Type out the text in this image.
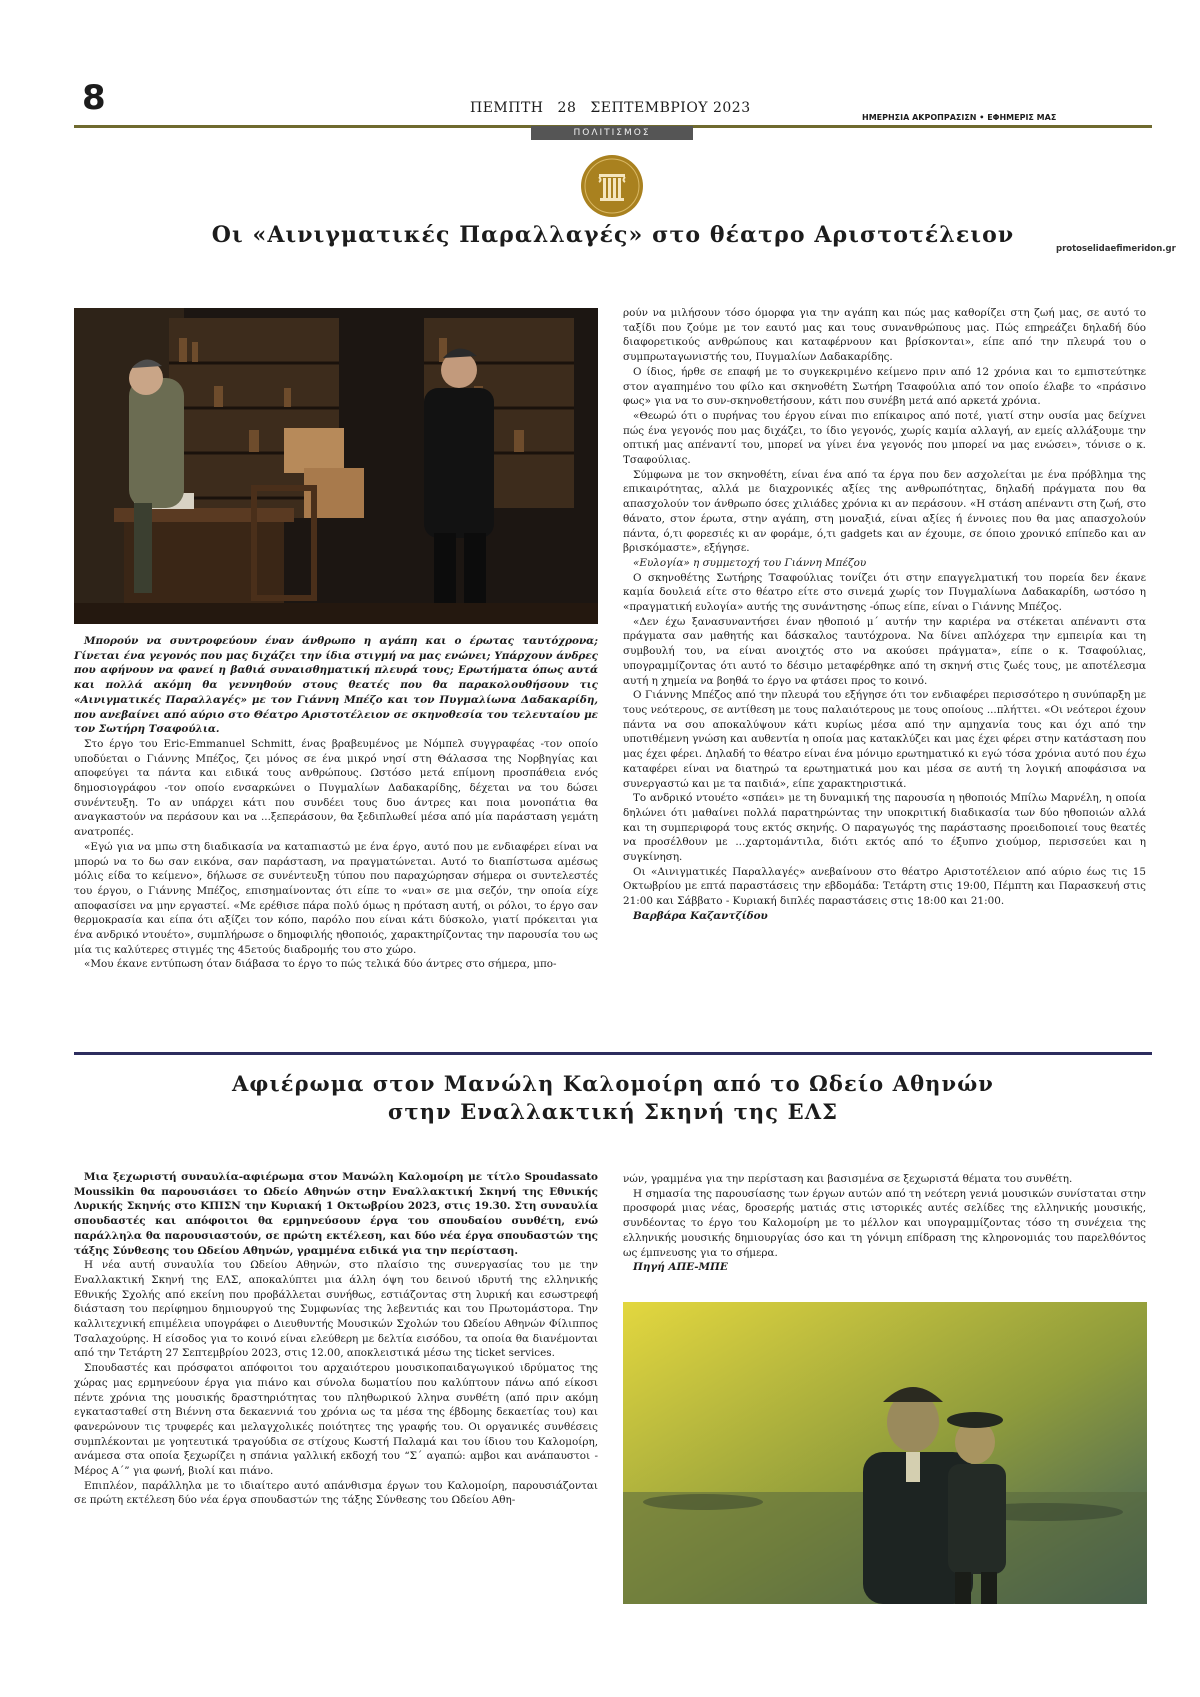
8	ΠΕΜΠΤΗ 28 ΣΕΠΤΕΜΒΡΙΟΥ 2023
ΗΜΕΡΗΣΙΑ ΑΚΡΟΠΡΑΣΙΣΝ • ΕΦΗΜΕΡΙΣ ΜΑΣ
ΠΟΛΙΤΙΣΜΟΣ
Οι «Αινιγματικές Παραλλαγές» στο θέατρο Αριστοτέλειον
protoselidaefimeridon.gr

Μπορούν να συντροφεύουν έναν άνθρωπο η αγάπη και ο έρωτας ταυτόχρονα; Γίνεται ένα γεγονός που μας διχάζει την ίδια στιγμή να μας ενώνει; Υπάρχουν άνδρες που αφήνουν να φανεί η βαθιά συναισθηματική πλευρά τους; Ερωτήματα όπως αυτά και πολλά ακόμη θα γεννηθούν στους θεατές που θα παρακολουθήσουν τις «Αινιγματικές Παραλλαγές» με τον Γιάννη Μπέζο και τον Πυγμαλίωνα Δαδακαρίδη, που ανεβαίνει από αύριο στο Θέατρο Αριστοτέλειον σε σκηνοθεσία του τελευταίου με τον Σωτήρη Τσαφούλια.

Στο έργο του Eric-Emmanuel Schmitt, ένας βραβευμένος με Νόμπελ συγγραφέας -τον οποίο υποδύεται ο Γιάννης Μπέζος, ζει μόνος σε ένα μικρό νησί στη Θάλασσα της Νορβηγίας και αποφεύγει τα πάντα και ειδικά τους ανθρώπους. Ωστόσο μετά επίμονη προσπάθεια ενός δημοσιογράφου -τον οποίο ενσαρκώνει ο Πυγμαλίων Δαδακαρίδης, δέχεται να του δώσει συνέντευξη. Το αν υπάρχει κάτι που συνδέει τους δυο άντρες και ποια μονοπάτια θα αναγκαστούν να περάσουν και να ...ξεπεράσουν, θα ξεδιπλωθεί μέσα από μία παράσταση γεμάτη ανατροπές.

«Εγώ για να μπω στη διαδικασία να καταπιαστώ με ένα έργο, αυτό που με ενδιαφέρει είναι να μπορώ να το δω σαν εικόνα, σαν παράσταση, να πραγματώνεται. Αυτό το διαπίστωσα αμέσως μόλις είδα το κείμενο», δήλωσε σε συνέντευξη τύπου που παραχώρησαν σήμερα οι συντελεστές του έργου, ο Γιάννης Μπέζος, επισημαίνοντας ότι είπε το «ναι» σε μια σεζόν, την οποία είχε αποφασίσει να μην εργαστεί. «Με ερέθισε πάρα πολύ όμως η πρόταση αυτή, οι ρόλοι, το έργο σαν θερμοκρασία και είπα ότι αξίζει τον κόπο, παρόλο που είναι κάτι δύσκολο, γιατί πρόκειται για ένα ανδρικό ντουέτο», συμπλήρωσε ο δημοφιλής ηθοποιός, χαρακτηρίζοντας την παρουσία του ως μία τις καλύτερες στιγμές της 45ετούς διαδρομής του στο χώρο.

«Μου έκανε εντύπωση όταν διάβασα το έργο το πώς τελικά δύο άντρες στο σήμερα, μπο-

ρούν να μιλήσουν τόσο όμορφα για την αγάπη και πώς μας καθορίζει στη ζωή μας, σε αυτό το ταξίδι που ζούμε με τον εαυτό μας και τους συνανθρώπους μας. Πώς επηρεάζει δηλαδή δύο διαφορετικούς ανθρώπους και καταφέρνουν και βρίσκονται», είπε από την πλευρά του ο συμπρωταγωνιστής του, Πυγμαλίων Δαδακαρίδης.

Ο ίδιος, ήρθε σε επαφή με το συγκεκριμένο κείμενο πριν από 12 χρόνια και το εμπιστεύτηκε στον αγαπημένο του φίλο και σκηνοθέτη Σωτήρη Τσαφούλια από τον οποίο έλαβε το «πράσινο φως» για να το συν-σκηνοθετήσουν, κάτι που συνέβη μετά από αρκετά χρόνια.

«Θεωρώ ότι ο πυρήνας του έργου είναι πιο επίκαιρος από ποτέ, γιατί στην ουσία μας δείχνει πώς ένα γεγονός που μας διχάζει, το ίδιο γεγονός, χωρίς καμία αλλαγή, αν εμείς αλλάξουμε την οπτική μας απέναντί του, μπορεί να γίνει ένα γεγονός που μπορεί να μας ενώσει», τόνισε ο κ. Τσαφούλιας.

Σύμφωνα με τον σκηνοθέτη, είναι ένα από τα έργα που δεν ασχολείται με ένα πρόβλημα της επικαιρότητας, αλλά με διαχρονικές αξίες της ανθρωπότητας, δηλαδή πράγματα που θα απασχολούν τον άνθρωπο όσες χιλιάδες χρόνια κι αν περάσουν. «Η στάση απέναντι στη ζωή, στο θάνατο, στον έρωτα, στην αγάπη, στη μοναξιά, είναι αξίες ή έννοιες που θα μας απασχολούν πάντα, ό,τι φορεσιές κι αν φοράμε, ό,τι gadgets και αν έχουμε, σε όποιο χρονικό επίπεδο και αν βρισκόμαστε», εξήγησε.

«Ευλογία» η συμμετοχή του Γιάννη Μπέζου

Ο σκηνοθέτης Σωτήρης Τσαφούλιας τονίζει ότι στην επαγγελματική του πορεία δεν έκανε καμία δουλειά είτε στο θέατρο είτε στο σινεμά χωρίς τον Πυγμαλίωνα Δαδακαρίδη, ωστόσο η «πραγματική ευλογία» αυτής της συνάντησης -όπως είπε, είναι ο Γιάννης Μπέζος.

«Δεν έχω ξανασυναντήσει έναν ηθοποιό μ΄ αυτήν την καριέρα να στέκεται απέναντι στα πράγματα σαν μαθητής και δάσκαλος ταυτόχρονα. Να δίνει απλόχερα την εμπειρία και τη συμβουλή του, να είναι ανοιχτός στο να ακούσει πράγματα», είπε ο κ. Τσαφούλιας, υπογραμμίζοντας ότι αυτό το δέσιμο μεταφέρθηκε από τη σκηνή στις ζωές τους, με αποτέλεσμα αυτή η χημεία να βοηθά το έργο να φτάσει προς το κοινό.

Ο Γιάννης Μπέζος από την πλευρά του εξήγησε ότι τον ενδιαφέρει περισσότερο η συνύπαρξη με τους νεότερους, σε αντίθεση με τους παλαιότερους με τους οποίους ...πλήττει. «Οι νεότεροι έχουν πάντα να σου αποκαλύψουν κάτι κυρίως μέσα από την αμηχανία τους και όχι από την υποτιθέμενη γνώση και αυθεντία η οποία μας κατακλύζει και μας έχει φέρει στην κατάσταση που μας έχει φέρει. Δηλαδή το θέατρο είναι ένα μόνιμο ερωτηματικό κι εγώ τόσα χρόνια αυτό που έχω καταφέρει είναι να διατηρώ τα ερωτηματικά μου και μέσα σε αυτή τη λογική αποφάσισα να συνεργαστώ και με τα παιδιά», είπε χαρακτηριστικά.

Το ανδρικό ντουέτο «σπάει» με τη δυναμική της παρουσία η ηθοποιός Μπίλω Μαρνέλη, η οποία δηλώνει ότι μαθαίνει πολλά παρατηρώντας την υποκριτική διαδικασία των δύο ηθοποιών αλλά και τη συμπεριφορά τους εκτός σκηνής. Ο παραγωγός της παράστασης προειδοποιεί τους θεατές να προσέλθουν με ...χαρτομάντιλα, διότι εκτός από το έξυπνο χιούμορ, περισσεύει και η συγκίνηση.

Οι «Αινιγματικές Παραλλαγές» ανεβαίνουν στο θέατρο Αριστοτέλειον από αύριο έως τις 15 Οκτωβρίου με επτά παραστάσεις την εβδομάδα: Τετάρτη στις 19:00, Πέμπτη και Παρασκευή στις 21:00 και Σάββατο - Κυριακή διπλές παραστάσεις στις 18:00 και 21:00.

Βαρβάρα Καζαντζίδου

Αφιέρωμα στον Μανώλη Καλομοίρη από το Ωδείο Αθηνών
στην Εναλλακτική Σκηνή της ΕΛΣ

Μια ξεχωριστή συναυλία-αφιέρωμα στον Μανώλη Καλομοίρη με τίτλο Spoudassato Moussikin θα παρουσιάσει το Ωδείο Αθηνών στην Εναλλακτική Σκηνή της Εθνικής Λυρικής Σκηνής στο ΚΠΙΣΝ την Κυριακή 1 Οκτωβρίου 2023, στις 19.30. Στη συναυλία σπουδαστές και απόφοιτοι θα ερμηνεύσουν έργα του σπουδαίου συνθέτη, ενώ παράλληλα θα παρουσιαστούν, σε πρώτη εκτέλεση, και δύο νέα έργα σπουδαστών της τάξης Σύνθεσης του Ωδείου Αθηνών, γραμμένα ειδικά για την περίσταση.

Η νέα αυτή συναυλία του Ωδείου Αθηνών, στο πλαίσιο της συνεργασίας του με την Εναλλακτική Σκηνή της ΕΛΣ, αποκαλύπτει μια άλλη όψη του δεινού ιδρυτή της ελληνικής Εθνικής Σχολής από εκείνη που προβάλλεται συνήθως, εστιάζοντας στη λυρική και εσωστρεφή διάσταση του περίφημου δημιουργού της Συμφωνίας της λεβεντιάς και του Πρωτομάστορα. Την καλλιτεχνική επιμέλεια υπογράφει ο Διευθυντής Μουσικών Σχολών του Ωδείου Αθηνών Φίλιππος Τσαλαχούρης. Η είσοδος για το κοινό είναι ελεύθερη με δελτία εισόδου, τα οποία θα διανέμονται από την Τετάρτη 27 Σεπτεμβρίου 2023, στις 12.00, αποκλειστικά μέσω της ticket services.

Σπουδαστές και πρόσφατοι απόφοιτοι του αρχαιότερου μουσικοπαιδαγωγικού ιδρύματος της χώρας μας ερμηνεύουν έργα για πιάνο και σύνολα δωματίου που καλύπτουν πάνω από είκοσι πέντε χρόνια της μουσικής δραστηριότητας του πληθωρικού λληνα συνθέτη (από πριν ακόμη εγκατασταθεί στη Βιέννη στα δεκαεννιά του χρόνια ως τα μέσα της έβδομης δεκαετίας του) και φανερώνουν τις τρυφερές και μελαγχολικές ποιότητες της γραφής του. Οι οργανικές συνθέσεις συμπλέκονται με γοητευτικά τραγούδια σε στίχους Κωστή Παλαμά και του ίδιου του Καλομοίρη, ανάμεσα στα οποία ξεχωρίζει η σπάνια γαλλική εκδοχή του “Σ΄ αγαπώ: αμβοι και ανάπαυστοι - Μέρος Α΄” για φωνή, βιολί και πιάνο.

Επιπλέον, παράλληλα με το ιδιαίτερο αυτό απάνθισμα έργων του Καλομοίρη, παρουσιάζονται σε πρώτη εκτέλεση δύο νέα έργα σπουδαστών της τάξης Σύνθεσης του Ωδείου Αθη-

νών, γραμμένα για την περίσταση και βασισμένα σε ξεχωριστά θέματα του συνθέτη.

Η σημασία της παρουσίασης των έργων αυτών από τη νεότερη γενιά μουσικών συνίσταται στην προσφορά μιας νέας, δροσερής ματιάς στις ιστορικές αυτές σελίδες της ελληνικής μουσικής, συνδέοντας το έργο του Καλομοίρη με το μέλλον και υπογραμμίζοντας τόσο τη συνέχεια της ελληνικής μουσικής δημιουργίας όσο και τη γόνιμη επίδραση της κληρονομιάς του παρελθόντος ως έμπνευσης για το σήμερα.

Πηγή ΑΠΕ-ΜΠΕ
